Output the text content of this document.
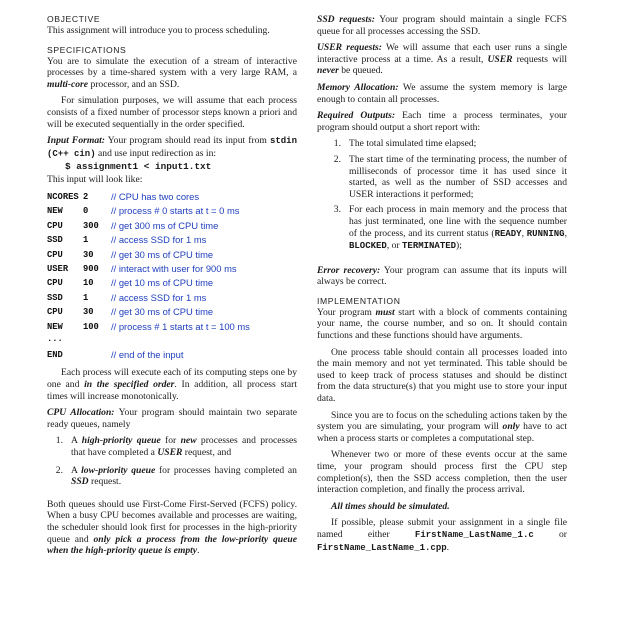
OBJECTIVE

This assignment will introduce you to process scheduling.

SPECIFICATIONS

You are to simulate the execution of a stream of interactive processes by a time-shared system with a very large RAM, a multi-core processor, and an SSD.

For simulation purposes, we will assume that each process consists of a fixed number of processor steps known a priori and will be executed sequentially in the order specified.

Input Format: Your program should read its input from stdin (C++ cin) and use input redirection as in:

$ assignment1 < input1.txt

This input will look like:

NCORES 2	// CPU has two cores
NEW	0	// process # 0 starts at t = 0 ms
CPU	300	// get 300 ms of CPU time
SSD	1	// access SSD for 1 ms
CPU	30	// get 30 ms of CPU time
USER	900	// interact with user for 900 ms
CPU	10	// get 10 ms of CPU time
SSD	1	// access SSD for 1 ms
CPU	30	// get 30 ms of CPU time
NEW	100	// process # 1 starts at t = 100 ms
...
END	// end of the input

Each process will execute each of its computing steps one by one and in the specified order. In addition, all process start times will increase monotonically.

CPU Allocation: Your program should maintain two separate ready queues, namely

1. A high-priority queue for new processes and processes that have completed a USER request, and
2. A low-priority queue for processes having completed an SSD request.

Both queues should use First-Come First-Served (FCFS) policy. When a busy CPU becomes available and processes are waiting, the scheduler should look first for processes in the high-priority queue and only pick a process from the low-priority queue when the high-priority queue is empty.

SSD requests: Your program should maintain a single FCFS queue for all processes accessing the SSD.

USER requests: We will assume that each user runs a single interactive process at a time. As a result, USER requests will never be queued.

Memory Allocation: We assume the system memory is large enough to contain all processes.

Required Outputs: Each time a process terminates, your program should output a short report with:

1. The total simulated time elapsed;
2. The start time of the terminating process, the number of milliseconds of processor time it has used since it started, as well as the number of SSD accesses and USER interactions it performed;
3. For each process in main memory and the process that has just terminated, one line with the sequence number of the process, and its current status (READY, RUNNING, BLOCKED, or TERMINATED);

Error recovery: Your program can assume that its inputs will always be correct.

IMPLEMENTATION

Your program must start with a block of comments containing your name, the course number, and so on. It should contain functions and these functions should have arguments.

One process table should contain all processes loaded into the main memory and not yet terminated. This table should be used to keep track of process statuses and should be distinct from the data structure(s) that you might use to store your input data.

Since you are to focus on the scheduling actions taken by the system you are simulating, your program will only have to act when a process starts or completes a computational step.

Whenever two or more of these events occur at the same time, your program should process first the CPU step completion(s), then the SSD access completion, then the user interaction completion, and finally the process arrival.

All times should be simulated.

If possible, please submit your assignment in a single file named either FirstName_LastName_1.c or FirstName_LastName_1.cpp.
